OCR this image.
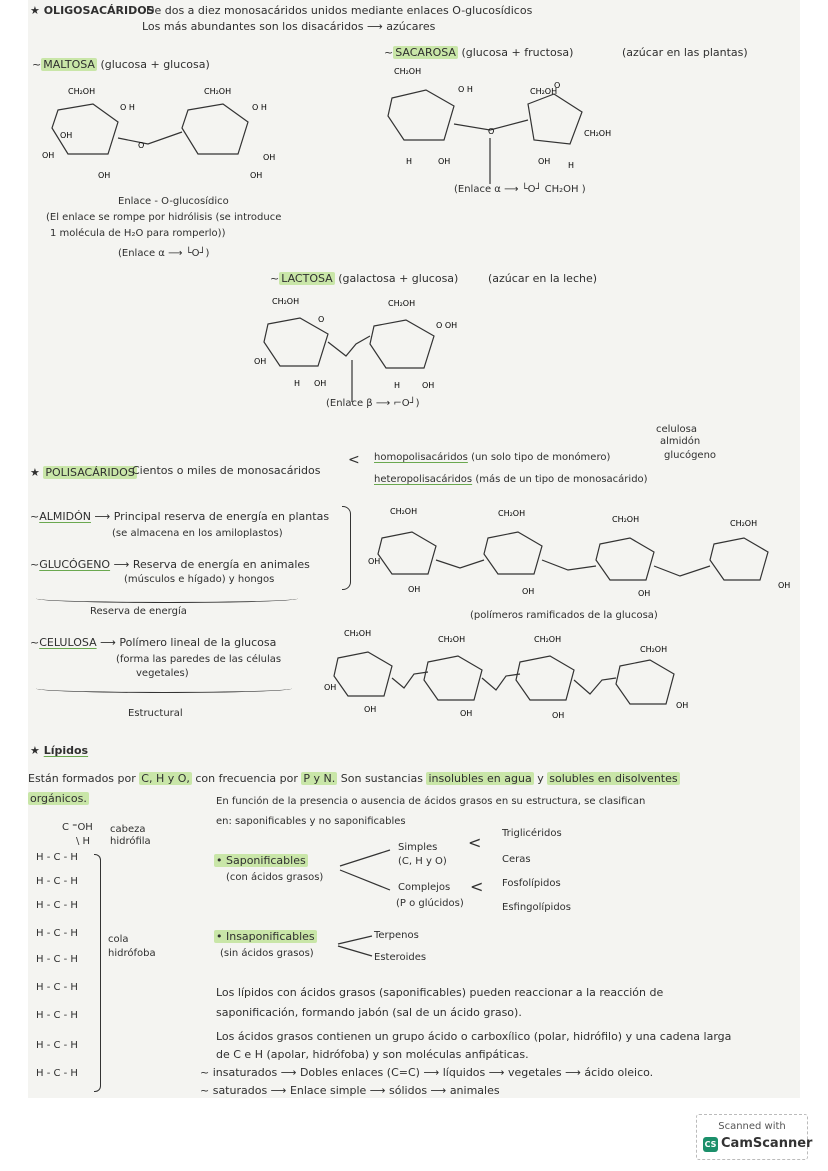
★ OLIGOSACÁRIDOS
De dos a diez monosacáridos unidos mediante enlaces O-glucosídicos
Los más abundantes son los disacáridos ⟶ azúcares
~ MALTOSA (glucosa + glucosa)
CH₂OH	CH₂OH
O H	O H
O
OH
OH	OH
OH	OH
Enlace - O-glucosídico
(El enlace se rompe por hidrólisis (se introduce
1 molécula de H₂O para romperlo))
(Enlace α ⟶ └O┘)
~ SACAROSA (glucosa + fructosa)	(azúcar en las plantas)
CH₂OH
CH₂OH
O H	O
O	CH₂OH
H	OH	OH H
(Enlace α ⟶ └O┘ CH₂OH )
~ LACTOSA (galactosa + glucosa)	(azúcar en la leche)
CH₂OH	CH₂OH
O
O OH
OH
H OH	H	OH
(Enlace β ⟶ ⌐O┘)
★ POLISACÁRIDOS
Cientos o miles de monosacáridos
< homopolisacáridos (un solo tipo de monómero)
heteropolisacáridos (más de un tipo de monosacárido)
celulosa
almidón
glucógeno
~ALMIDÓN ⟶ Principal reserva de energía en plantas
(se almacena en los amiloplastos)
~GLUCÓGENO ⟶ Reserva de energía en animales
(músculos e hígado) y hongos
Reserva de energía
CH₂OH	CH₂OH
CH₂OH	CH₂OH
OH
OH	OH	OH
OH
(polímeros ramificados de la glucosa)
~CELULOSA ⟶ Polímero lineal de la glucosa
(forma las paredes de las células
vegetales)
Estructural
CH₂OH
CH₂OH	CH₂OH
CH₂OH
OH
OH	OH	OH
OH
★ Lípidos
Están formados por C, H y O, con frecuencia por P y N. Son sustancias insolubles en agua y solubles en disolventes
orgánicos.	En función de la presencia o ausencia de ácidos grasos en su estructura, se clasifican
en: saponificables y no saponificables
C ⁼OH
\ H
cabeza
hidrófila
H - C - H
H - C - H
H - C - H
H - C - H
H - C - H
H - C - H
H - C - H
H - C - H
H - C - H
cola
hidrófoba
• Saponificables
(con ácidos grasos)
Simples
(C, H y O)
< Triglicéridos
Ceras
Complejos
(P o glúcidos)
< Fosfolípidos
Esfingolípidos
• Insaponificables
(sin ácidos grasos)
Terpenos
Esteroides
Los lípidos con ácidos grasos (saponificables) pueden reaccionar a la reacción de
saponificación, formando jabón (sal de un ácido graso).
Los ácidos grasos contienen un grupo ácido o carboxílico (polar, hidrófilo) y una cadena larga
de C e H (apolar, hidrófoba) y son moléculas anfipáticas.
~ insaturados ⟶ Dobles enlaces (C=C) ⟶ líquidos ⟶ vegetales ⟶ ácido oleico.
~ saturados ⟶ Enlace simple ⟶ sólidos ⟶ animales
Scanned with
CS CamScanner
